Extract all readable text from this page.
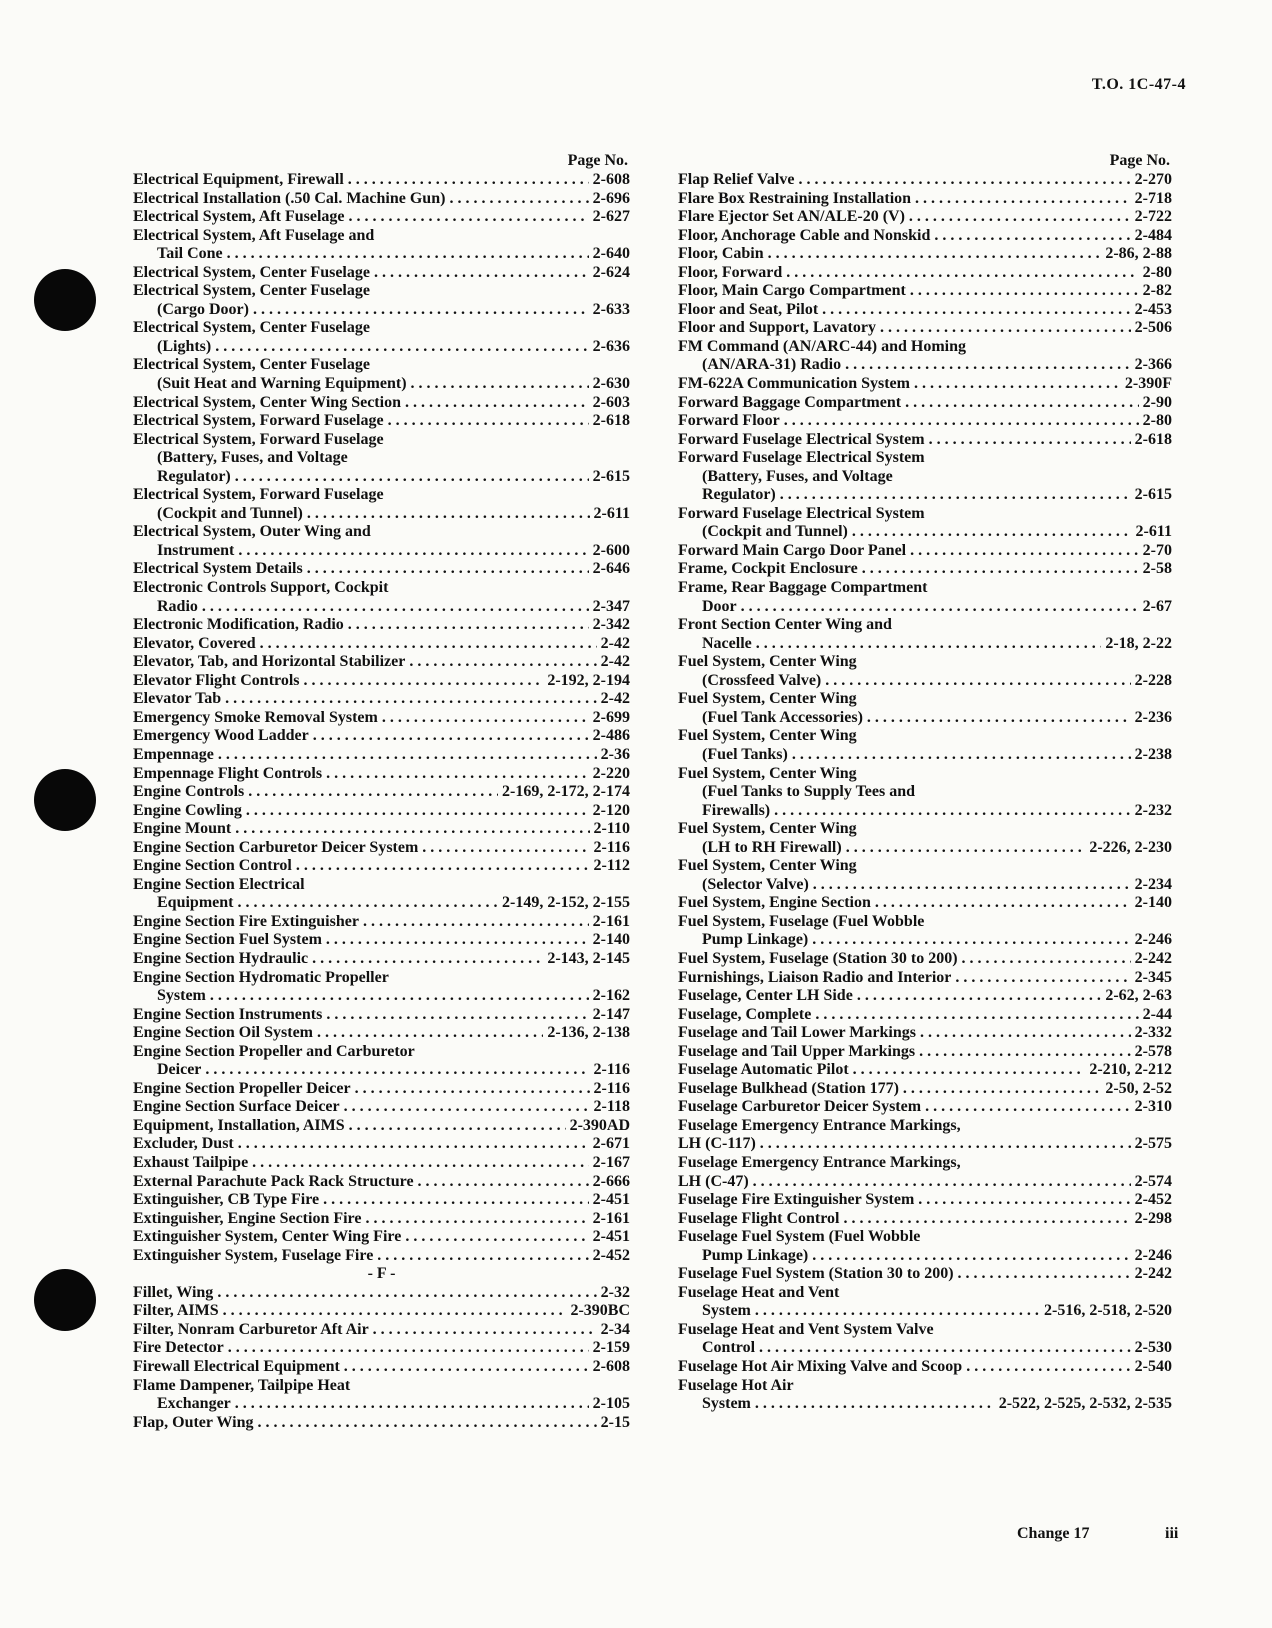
T.O. 1C-47-4
Page No.
Electrical Equipment, Firewall . . .	2-608
Electrical Installation (.50 Cal. Machine Gun) . . .	2-696
Electrical System, Aft Fuselage . . .	2-627
Electrical System, Aft Fuselage and
Tail Cone . . .	2-640
Electrical System, Center Fuselage . . .	2-624
Electrical System, Center Fuselage
(Cargo Door) . . .	2-633
Electrical System, Center Fuselage
(Lights) . . .	2-636
Electrical System, Center Fuselage
(Suit Heat and Warning Equipment) . . .	2-630
Electrical System, Center Wing Section . . .	2-603
Electrical System, Forward Fuselage . . .	2-618
Electrical System, Forward Fuselage
(Battery, Fuses, and Voltage
Regulator) . . .	2-615
Electrical System, Forward Fuselage
(Cockpit and Tunnel) . . .	2-611
Electrical System, Outer Wing and
Instrument . . .	2-600
Electrical System Details . . .	2-646
Electronic Controls Support, Cockpit
Radio . . .	2-347
Electronic Modification, Radio . . .	2-342
Elevator, Covered . . .	2-42
Elevator, Tab, and Horizontal Stabilizer . . .	2-42
Elevator Flight Controls . . .	2-192, 2-194
Elevator Tab . . .	2-42
Emergency Smoke Removal System . . .	2-699
Emergency Wood Ladder . . .	2-486
Empennage . . .	2-36
Empennage Flight Controls . . .	2-220
Engine Controls . . .	2-169, 2-172, 2-174
Engine Cowling . . .	2-120
Engine Mount . . .	2-110
Engine Section Carburetor Deicer System . . .	2-116
Engine Section Control . . .	2-112
Engine Section Electrical
Equipment . . .	2-149, 2-152, 2-155
Engine Section Fire Extinguisher . . .	2-161
Engine Section Fuel System . . .	2-140
Engine Section Hydraulic . . .	2-143, 2-145
Engine Section Hydromatic Propeller
System . . .	2-162
Engine Section Instruments . . .	2-147
Engine Section Oil System . . .	2-136, 2-138
Engine Section Propeller and Carburetor
Deicer . . .	2-116
Engine Section Propeller Deicer . . .	2-116
Engine Section Surface Deicer . . .	2-118
Equipment, Installation, AIMS . . .	2-390AD
Excluder, Dust . . .	2-671
Exhaust Tailpipe . . .	2-167
External Parachute Pack Rack Structure . . .	2-666
Extinguisher, CB Type Fire . . .	2-451
Extinguisher, Engine Section Fire . . .	2-161
Extinguisher System, Center Wing Fire . . .	2-451
Extinguisher System, Fuselage Fire . . .	2-452
- F -
Fillet, Wing . . .	2-32
Filter, AIMS . . .	2-390BC
Filter, Nonram Carburetor Aft Air . . .	2-34
Fire Detector . . .	2-159
Firewall Electrical Equipment . . .	2-608
Flame Dampener, Tailpipe Heat
Exchanger . . .	2-105
Flap, Outer Wing . . .	2-15
Page No.
Flap Relief Valve . . .	2-270
Flare Box Restraining Installation . . .	2-718
Flare Ejector Set AN/ALE-20 (V) . . .	2-722
Floor, Anchorage Cable and Nonskid . . .	2-484
Floor, Cabin . . .	2-86, 2-88
Floor, Forward . . .	2-80
Floor, Main Cargo Compartment . . .	2-82
Floor and Seat, Pilot . . .	2-453
Floor and Support, Lavatory . . .	2-506
FM Command (AN/ARC-44) and Homing
(AN/ARA-31) Radio . . .	2-366
FM-622A Communication System . . .	2-390F
Forward Baggage Compartment . . .	2-90
Forward Floor . . .	2-80
Forward Fuselage Electrical System . . .	2-618
Forward Fuselage Electrical System
(Battery, Fuses, and Voltage
Regulator) . . .	2-615
Forward Fuselage Electrical System
(Cockpit and Tunnel) . . .	2-611
Forward Main Cargo Door Panel . . .	2-70
Frame, Cockpit Enclosure . . .	2-58
Frame, Rear Baggage Compartment
Door . . .	2-67
Front Section Center Wing and
Nacelle . . .	2-18, 2-22
Fuel System, Center Wing
(Crossfeed Valve) . . .	2-228
Fuel System, Center Wing
(Fuel Tank Accessories) . . .	2-236
Fuel System, Center Wing
(Fuel Tanks) . . .	2-238
Fuel System, Center Wing
(Fuel Tanks to Supply Tees and
Firewalls) . . .	2-232
Fuel System, Center Wing
(LH to RH Firewall) . . .	2-226, 2-230
Fuel System, Center Wing
(Selector Valve) . . .	2-234
Fuel System, Engine Section . . .	2-140
Fuel System, Fuselage (Fuel Wobble
Pump Linkage) . . .	2-246
Fuel System, Fuselage (Station 30 to 200) . . .	2-242
Furnishings, Liaison Radio and Interior . . .	2-345
Fuselage, Center LH Side . . .	2-62, 2-63
Fuselage, Complete . . .	2-44
Fuselage and Tail Lower Markings . . .	2-332
Fuselage and Tail Upper Markings . . .	2-578
Fuselage Automatic Pilot . . .	2-210, 2-212
Fuselage Bulkhead (Station 177) . . .	2-50, 2-52
Fuselage Carburetor Deicer System . . .	2-310
Fuselage Emergency Entrance Markings,
LH (C-117) . . .	2-575
Fuselage Emergency Entrance Markings,
LH (C-47) . . .	2-574
Fuselage Fire Extinguisher System . . .	2-452
Fuselage Flight Control . . .	2-298
Fuselage Fuel System (Fuel Wobble
Pump Linkage) . . .	2-246
Fuselage Fuel System (Station 30 to 200) . . .	2-242
Fuselage Heat and Vent
System . . .	2-516, 2-518, 2-520
Fuselage Heat and Vent System Valve
Control . . .	2-530
Fuselage Hot Air Mixing Valve and Scoop . . .	2-540
Fuselage Hot Air
System . . .	2-522, 2-525, 2-532, 2-535
Change 17	iii
